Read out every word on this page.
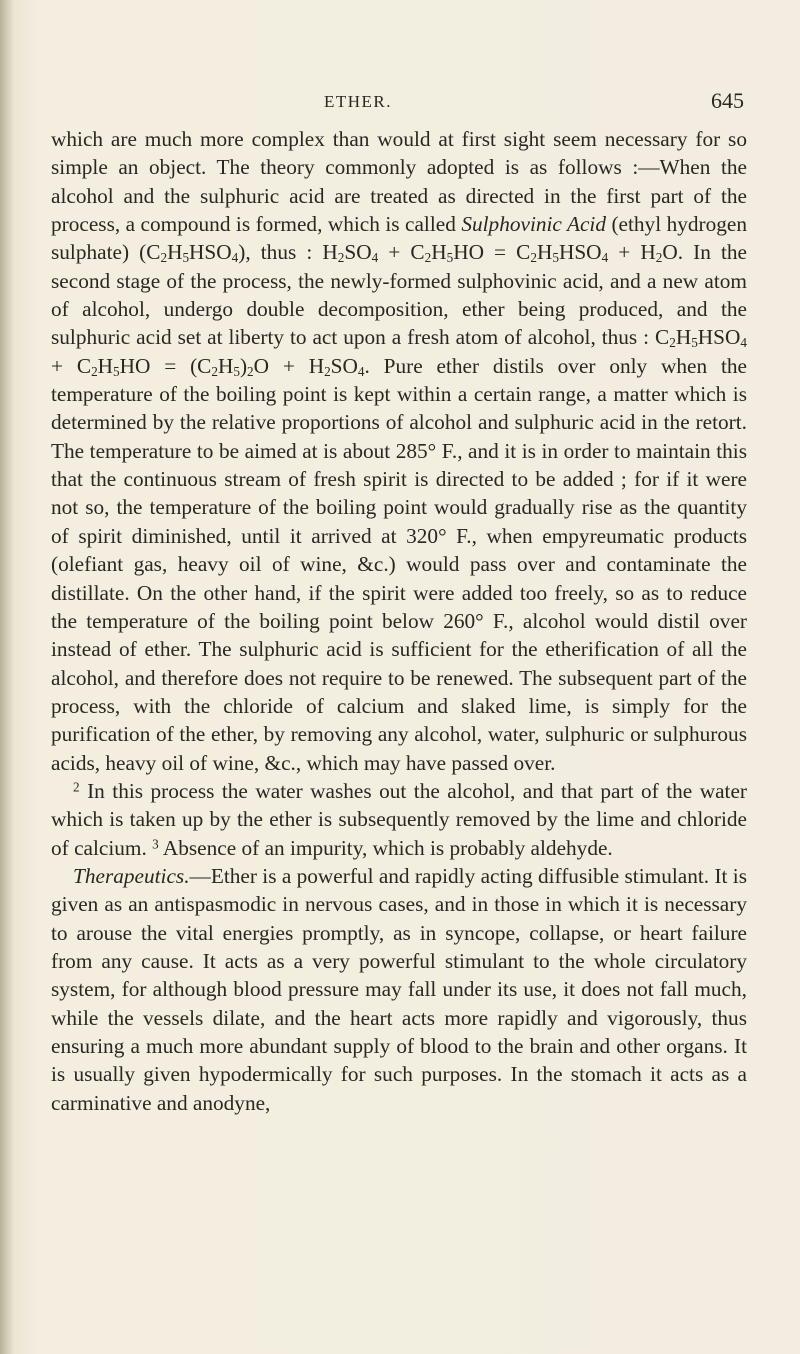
ETHER.	645

which are much more complex than would at first sight seem necessary for so simple an object. The theory commonly adopted is as follows :—When the alcohol and the sulphuric acid are treated as directed in the first part of the process, a compound is formed, which is called Sulphovinic Acid (ethyl hydrogen sulphate) $(C_2H_5HSO_4)$, thus : $H_2SO_4 + C_2H_5HO = C_2H_5HSO_4 + H_2O$. In the second stage of the process, the newly-formed sulphovinic acid, and a new atom of alcohol, undergo double decomposition, ether being produced, and the sulphuric acid set at liberty to act upon a fresh atom of alcohol, thus : $C_2H_5HSO_4 + C_2H_5HO = (C_2H_5)_2O + H_2SO_4$. Pure ether distils over only when the temperature of the boiling point is kept within a certain range, a matter which is determined by the relative proportions of alcohol and sulphuric acid in the retort. The temperature to be aimed at is about 285° F., and it is in order to maintain this that the continuous stream of fresh spirit is directed to be added ; for if it were not so, the temperature of the boiling point would gradually rise as the quantity of spirit diminished, until it arrived at 320° F., when empyreumatic products (olefiant gas, heavy oil of wine, &c.) would pass over and contaminate the distillate. On the other hand, if the spirit were added too freely, so as to reduce the temperature of the boiling point below 260° F., alcohol would distil over instead of ether. The sulphuric acid is sufficient for the etherification of all the alcohol, and therefore does not require to be renewed. The subsequent part of the process, with the chloride of calcium and slaked lime, is simply for the purification of the ether, by removing any alcohol, water, sulphuric or sulphurous acids, heavy oil of wine, &c., which may have passed over.

$^2$ In this process the water washes out the alcohol, and that part of the water which is taken up by the ether is subsequently removed by the lime and chloride of calcium. $^3$ Absence of an impurity, which is probably aldehyde.

Therapeutics.—Ether is a powerful and rapidly acting diffusible stimulant. It is given as an antispasmodic in nervous cases, and in those in which it is necessary to arouse the vital energies promptly, as in syncope, collapse, or heart failure from any cause. It acts as a very powerful stimulant to the whole circulatory system, for although blood pressure may fall under its use, it does not fall much, while the vessels dilate, and the heart acts more rapidly and vigorously, thus ensuring a much more abundant supply of blood to the brain and other organs. It is usually given hypodermically for such purposes. In the stomach it acts as a carminative and anodyne,
